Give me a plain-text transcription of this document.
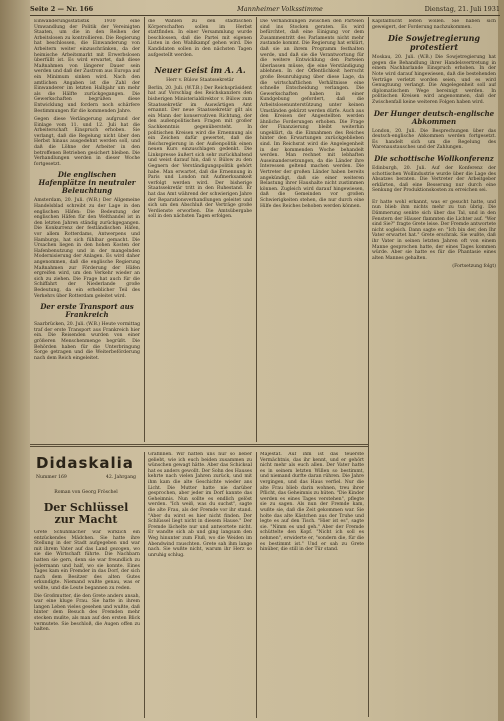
Seite 2 — Nr. 166	Mannheimer Volksstimme	Dienstag, 21. Juli 1931
Einwanderungsstatistik 1930 eine Umwandlung der Politik der Vereinigten Staaten, um die in den Reihen der Arbeitslosen zu kontrollieren. Die Regierung hat beschlossen, die Einwanderung von Arbeitern weiter einzuschränken, da der heimische Arbeitsmarkt mit Erwerbslosen überfüllt ist. Es wird erwartet, daß diese Maßnahmen von längerer Dauer sein werden und daß der Zustrom aus Europa auf ein Minimum sinken wird. Nach den amtlichen Angaben ist die Zahl der Einwanderer im letzten Halbjahr um mehr als die Hälfte zurückgegangen. Die Gewerkschaften begrüßen diese Entwicklung und fordern noch schärfere Bestimmungen für die kommenden Jahre.
Gegen diese Verlängerung aufgrund der Einlage vom 11. und 12. Juli hat die Arbeiterschaft Einspruch erhoben. Sie verlangt, daß die Regelung nicht über den Herbst hinaus ausgedehnt werden soll, und daß die Löhne der Arbeiter in den betroffenen Betrieben gesichert bleiben. Die Verhandlungen werden in dieser Woche fortgesetzt.
Die englischen Hafenplätze in neutraler Beleuchtung
Amsterdam, 20. Juli. (W.B.) Der Allgemeine Handelsblad schreibt zu der Lage in den englischen Häfen: Die Bedeutung der englischen Häfen für den Welthandel ist in den letzten Jahren ständig zurückgegangen. Die Konkurrenz der festländischen Häfen, vor allem Rotterdams, Antwerpens und Hamburgs, hat sich fühlbar gemacht. Die Ursachen liegen in den hohen Kosten der Hafenbenutzung und in der mangelnden Modernisierung der Anlagen. Es wird daher angenommen, daß die englische Regierung Maßnahmen zur Förderung der Häfen ergreifen wird, um den Verkehr wieder an sich zu ziehen. Die Frage hat auch für die Schiffahrt der Niederlande große Bedeutung, da ein erheblicher Teil des Verkehrs über Rotterdam geleitet wird.
Der erste Transport aus Frankreich
Saarbrücken, 20. Juli. (W.B.) Heute vormittag traf der erste Transport aus Frankreich hier ein. Die Reisenden wurden von einer größeren Menschenmenge begrüßt. Die Behörden haben für die Unterbringung Sorge getragen und die Weiterbeförderung nach dem Reich eingeleitet.
die Wahlen zu den städtischen Körperschaften sollen im Herbst stattfinden. In einer Versammlung wurde beschlossen, daß die Partei mit eigenen Listen in den Wahlkampf gehen wird. Die Kandidaten sollen in den nächsten Tagen aufgestellt werden.
Neuer Geist im A. A.
Herr v. Bülow Staatssekretär
Berlin, 20. Juli. (W.T.B.) Der Reichspräsident hat auf Vorschlag des Reichskanzlers den bisherigen Ministerialdirektor v. Bülow zum Staatssekretär im Auswärtigen Amt ernannt. Der neue Staatssekretär gilt als ein Mann der konservativen Richtung, der den außenpolitischen Fragen mit großer Sachkenntnis gegenübersteht. In politischen Kreisen wird die Ernennung als ein Zeichen dafür gewertet, daß die Reichsregierung in der Außenpolitik einen neuen Kurs einzuschlagen gedenkt. Die Linkspresse äußert sich sehr zurückhaltend und weist darauf hin, daß v. Bülow zu den Gegnern der Verständigungspolitik gehört habe. Man erwartet, daß die Ernennung in Paris und London mit Aufmerksamkeit verfolgt werden wird. Der bisherige Staatssekretär tritt in den Ruhestand. Er hat das Amt während der schwierigen Jahre der Reparationsverhandlungen geleitet und sich um den Abschluß der Verträge große Verdienste erworben. Die Amtsübergabe soll in den nächsten Tagen erfolgen.
Die Verhandlungen zwischen den Parteien sind ins Stocken geraten. Es wird befürchtet, daß eine Einigung vor dem Zusammentritt des Parlaments nicht mehr zustande kommt. Die Regierung hat erklärt, daß sie an ihrem Programm festhalten werde, und daß sie die Verantwortung für die weitere Entwicklung den Parteien überlassen müsse, die eine Verständigung ablehnen. In der Öffentlichkeit herrscht große Beunruhigung über diese Lage, da die wirtschaftlichen Verhältnisse eine schnelle Entscheidung verlangen. Die Gewerkschaften haben in einer Kundgebung gefordert, daß die Arbeitslosenunterstützung unter keinen Umständen gekürzt werden dürfe. Auch aus den Kreisen der Angestellten werden ähnliche Forderungen erhoben. Die Frage der Finanzierung bleibt weiterhin ungeklärt, da die Einnahmen des Reiches hinter den Erwartungen zurückgeblieben sind. Im Reichsrat wird die Angelegenheit in der kommenden Woche behandelt werden. Man rechnet mit lebhaften Auseinandersetzungen, da die Länder ihre Interessen geltend machen werden. Die Vertreter der großen Länder haben bereits angekündigt, daß sie einer weiteren Belastung ihrer Haushalte nicht zustimmen können. Zugleich wird darauf hingewiesen, daß die Gemeinden vor großen Schwierigkeiten stehen, die nur durch eine Hilfe des Reiches behoben werden können.
Kapitalflucht leiten wollen. Sie haben sich geweigert, der Forderung nachzukommen.
Die Sowjetregierung protestiert
Moskau, 20. Juli. (W.B.) Die Sowjetregierung hat gegen die Behandlung ihrer Handelsvertretung in einem Nachbarlande Einspruch erhoben. In der Note wird darauf hingewiesen, daß die bestehenden Verträge verletzt worden seien, und es wird Genugtuung verlangt. Die Angelegenheit soll auf diplomatischem Wege bereinigt werden. In politischen Kreisen wird angenommen, daß der Zwischenfall keine weiteren Folgen haben wird.
Der Hunger deutsch-englische Abkommen
London, 20. Juli. Die Besprechungen über das deutsch-englische Abkommen werden fortgesetzt. Es handelt sich um die Regelung des Warenaustausches und der Zahlungen.
Die schottische Wollkonferenz
Edinburgh, 20. Juli. Auf der Konferenz der schottischen Wollindustrie wurde über die Lage des Absatzes beraten. Die Vertreter der Arbeitgeber erklärten, daß eine Besserung nur durch eine Senkung der Produktionskosten zu erreichen sei.
Er hatte wohl erkannt, was er gesucht hatte, und nun blieb ihm nichts mehr zu tun übrig. Die Dämmerung senkte sich über das Tal, und in den Fenstern der Häuser flammten die Lichter auf. "Wer sind Sie?" fragte Grete leise. Der Fremde antwortete nicht sogleich. Dann sagte er: "Ich bin der, den Ihr Vater erwartet hat." Grete erschrak. Sie wußte, daß ihr Vater in seinen letzten Jahren oft von einem Manne gesprochen hatte, der eines Tages kommen würde. Aber sie hatte es für die Phantasie eines alten Mannes gehalten.
(Fortsetzung folgt)
Didaskalia
Nummer 169	42. Jahrgang
Roman von Georg Fröschel
Der Schlüssel zur Macht
Grete Schuhmacher war wirklich ein entzückendes Mädchen. Sie hatte ihre Stellung in der Stadt aufgegeben und war mit ihrem Vater auf das Land gezogen, wo sie die Wirtschaft führte. Die Nachbarn hatten sie gern, denn sie war freundlich zu jedermann und half, wo sie konnte. Eines Tages kam ein Fremder in das Dorf, der sich nach dem Besitzer des alten Gutes erkundigte. Niemand wußte genau, was er wollte, und die Leute begannen zu reden.
Die Großmutter, die den Grete anders ansah, war eine kluge Frau. Sie hatte in ihrem langen Leben vieles gesehen und wußte, daß hinter dem Besuch des Fremden mehr stecken mußte, als man auf den ersten Blick vermutete. Sie beschloß, die Augen offen zu halten.
Gräfinnen. Wir hätten uns nur so lieber geliebt, wie ich euch beiden zusammen zu wünschen gewagt hätte. Aber das Schicksal hat es anders gewollt. Der Sohn des Hauses kehrte nach vielen Jahren zurück, und mit ihm kam die alte Geschichte wieder ans Licht. Die Mutter hatte nie darüber gesprochen, aber jeder im Dorf kannte das Geheimnis. Nun sollte es endlich gelöst werden. "Ich weiß, was du suchst", sagte die alte Frau, als der Fremde vor ihr stand. "Aber du wirst es hier nicht finden. Der Schlüssel liegt nicht in diesem Hause." Der Fremde lächelte nur und antwortete nicht. Er wandte sich ab und ging langsam den Weg hinunter zum Fluß, wo die Weiden im Abendwind rauschten. Grete sah ihm lange nach. Sie wußte nicht, warum ihr Herz so unruhig schlug.
Majestät. Auf ihm ist das teuerste Vermächtnis, das ihr kennt, und er gehört nicht mehr als euch allen. Der Vater hatte es in seinem letzten Willen so bestimmt, und niemand durfte daran rühren. Die Jahre vergingen, und das Haus verfiel. Nur die alte Frau blieb darin wohnen, treu ihrer Pflicht, das Geheimnis zu hüten. "Die Kinder werden es eines Tages verstehen", pflegte sie zu sagen. Als nun der Fremde kam, wußte sie, daß die Zeit gekommen war. Sie holte das alte Kästchen aus der Truhe und legte es auf den Tisch. "Hier ist es", sagte sie. "Nimm es und geh." Aber der Fremde schüttelte den Kopf. "Nicht ich soll es nehmen", erwiderte er, "sondern die, für die es bestimmt ist." Und er sah zu Grete hinüber, die still in der Tür stand.
